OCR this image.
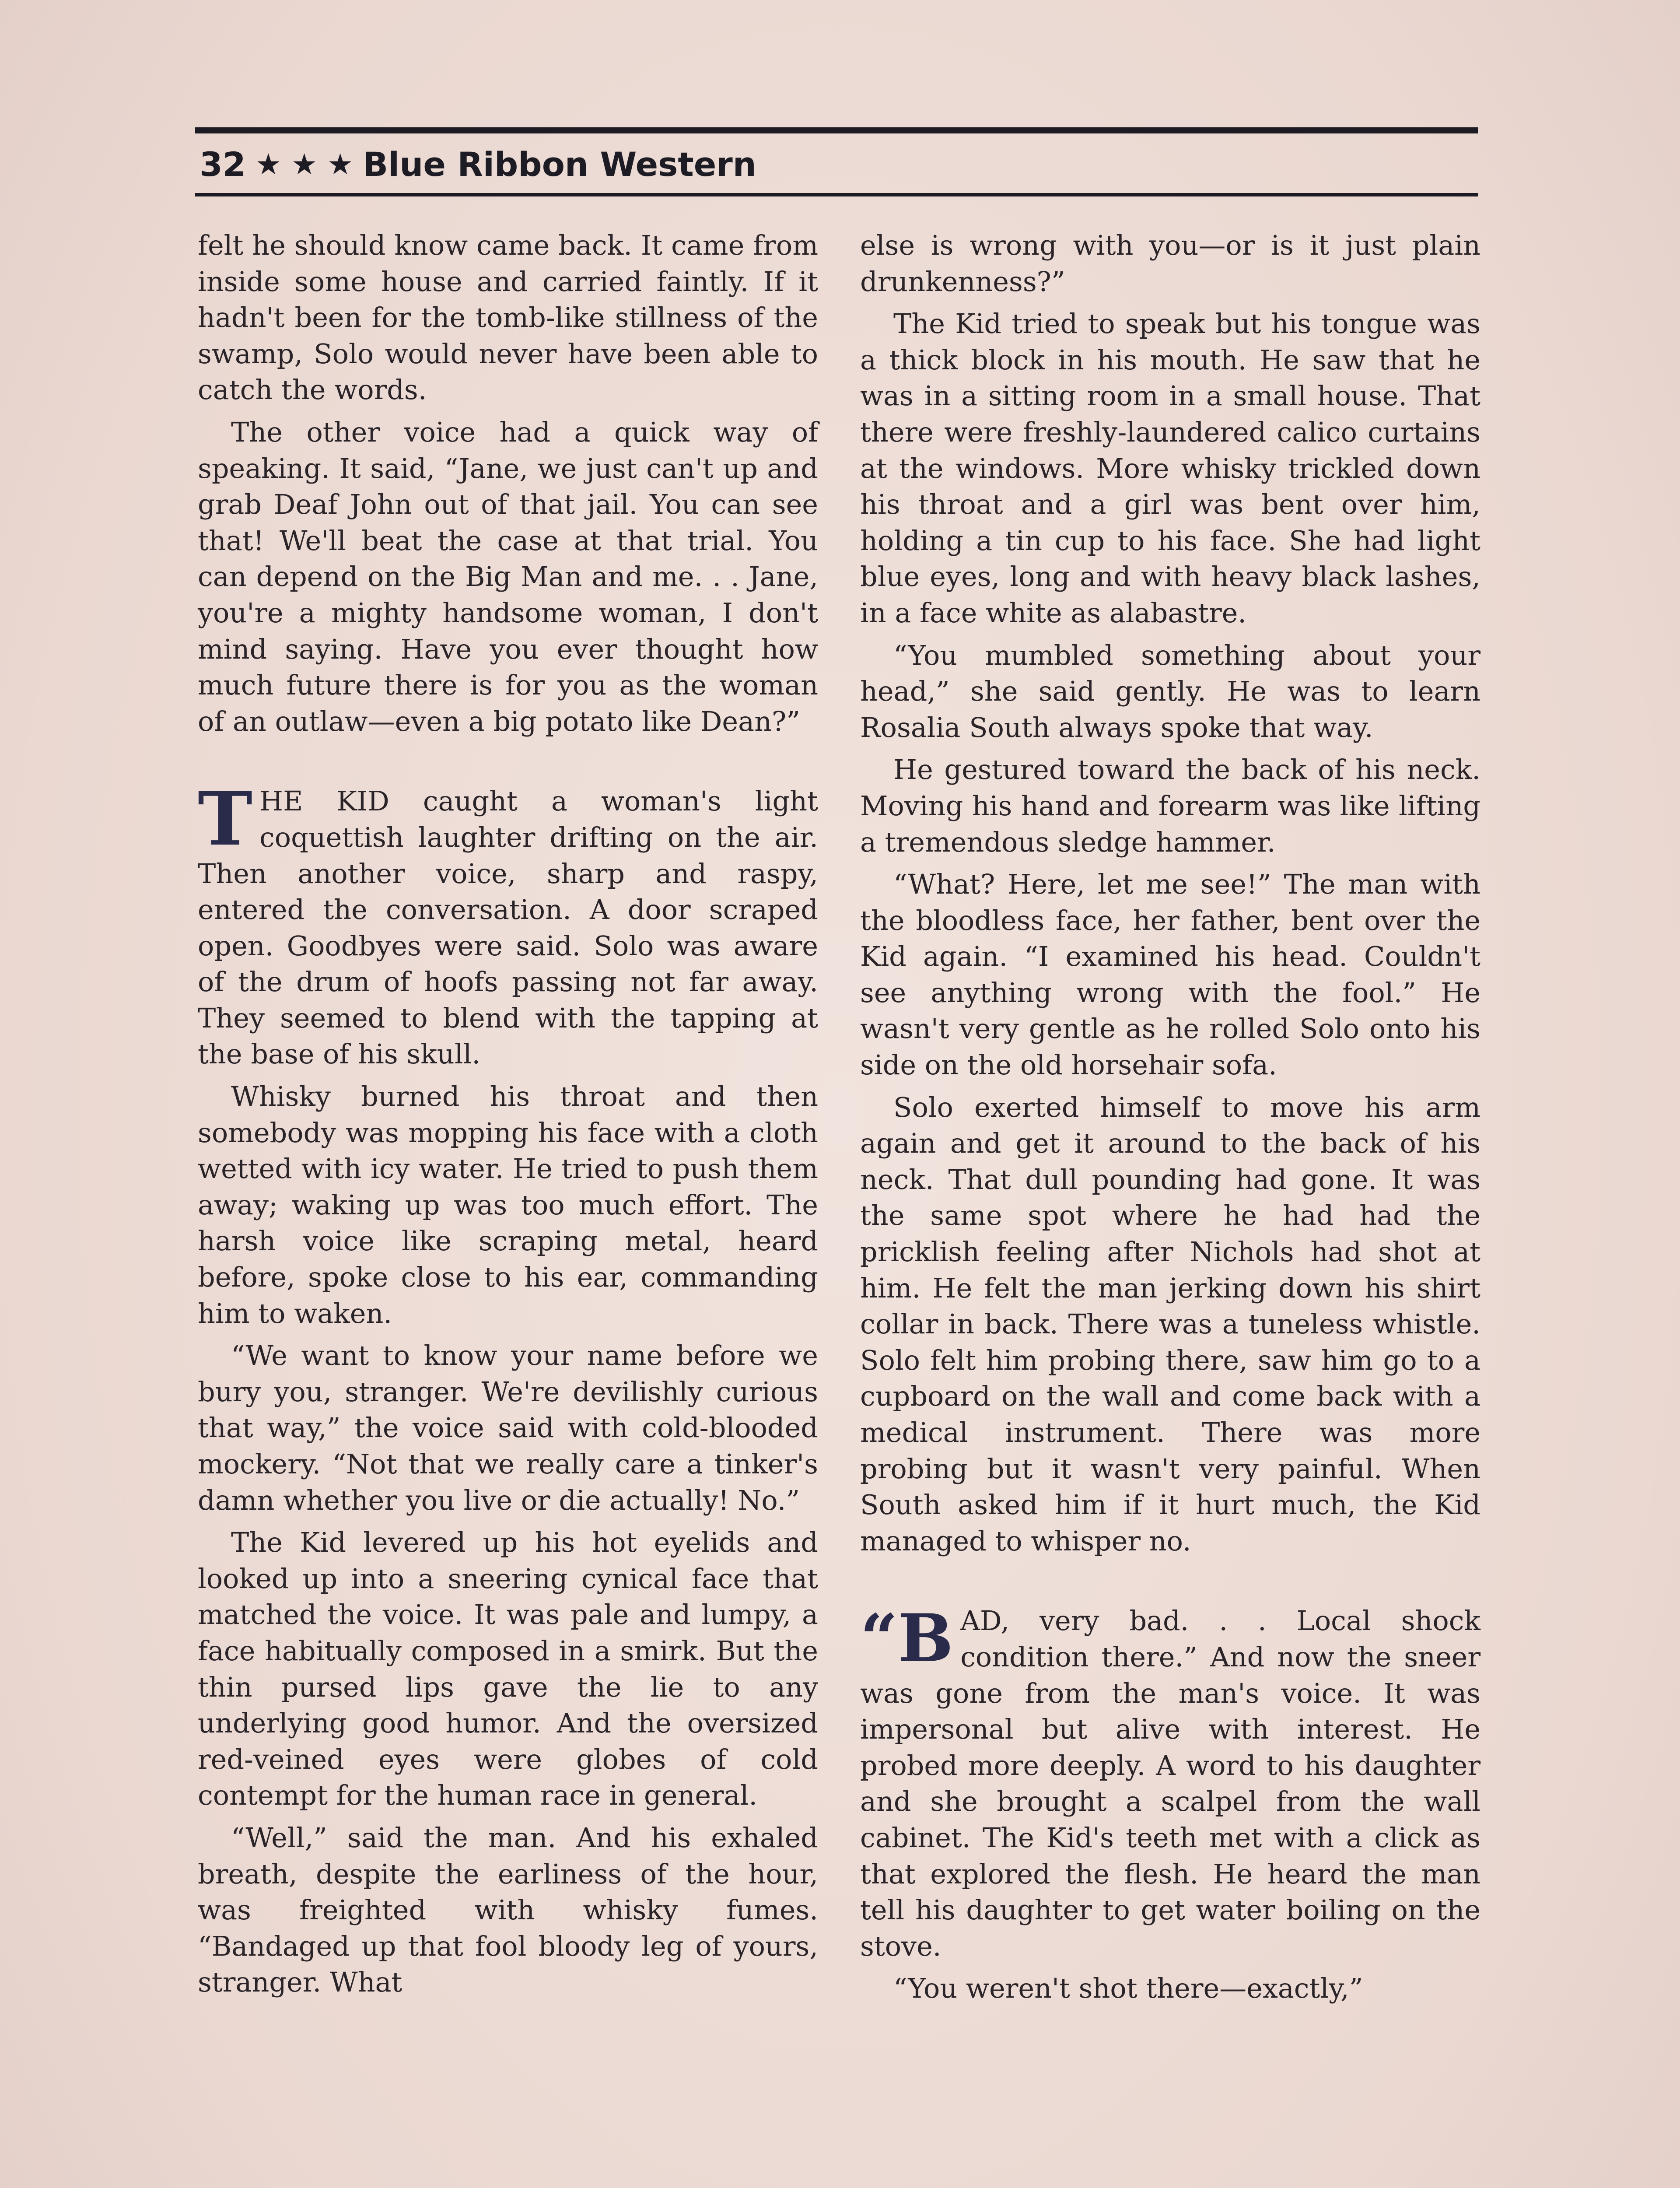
32 ★ ★ ★ Blue Ribbon Western

felt he should know came back. It came from inside some house and carried faintly. If it hadn't been for the tomb-like stillness of the swamp, Solo would never have been able to catch the words.

The other voice had a quick way of speaking. It said, “Jane, we just can't up and grab Deaf John out of that jail. You can see that! We'll beat the case at that trial. You can depend on the Big Man and me. . . Jane, you're a mighty handsome woman, I don't mind saying. Have you ever thought how much future there is for you as the woman of an outlaw—even a big potato like Dean?”

THE KID caught a woman's light coquettish laughter drifting on the air. Then another voice, sharp and raspy, entered the conversation. A door scraped open. Goodbyes were said. Solo was aware of the drum of hoofs passing not far away. They seemed to blend with the tapping at the base of his skull.

Whisky burned his throat and then somebody was mopping his face with a cloth wetted with icy water. He tried to push them away; waking up was too much effort. The harsh voice like scraping metal, heard before, spoke close to his ear, commanding him to waken.

“We want to know your name before we bury you, stranger. We're devilishly curious that way,” the voice said with cold-blooded mockery. “Not that we really care a tinker's damn whether you live or die actually! No.”

The Kid levered up his hot eyelids and looked up into a sneering cynical face that matched the voice. It was pale and lumpy, a face habitually composed in a smirk. But the thin pursed lips gave the lie to any underlying good humor. And the oversized red-veined eyes were globes of cold contempt for the human race in general.

“Well,” said the man. And his exhaled breath, despite the earliness of the hour, was freighted with whisky fumes. “Bandaged up that fool bloody leg of yours, stranger. What

else is wrong with you—or is it just plain drunkenness?”

The Kid tried to speak but his tongue was a thick block in his mouth. He saw that he was in a sitting room in a small house. That there were freshly-laundered calico curtains at the windows. More whisky trickled down his throat and a girl was bent over him, holding a tin cup to his face. She had light blue eyes, long and with heavy black lashes, in a face white as alabastre.

“You mumbled something about your head,” she said gently. He was to learn Rosalia South always spoke that way.

He gestured toward the back of his neck. Moving his hand and forearm was like lifting a tremendous sledge hammer.

“What? Here, let me see!” The man with the bloodless face, her father, bent over the Kid again. “I examined his head. Couldn't see anything wrong with the fool.” He wasn't very gentle as he rolled Solo onto his side on the old horsehair sofa.

Solo exerted himself to move his arm again and get it around to the back of his neck. That dull pounding had gone. It was the same spot where he had had the pricklish feeling after Nichols had shot at him. He felt the man jerking down his shirt collar in back. There was a tuneless whistle. Solo felt him probing there, saw him go to a cupboard on the wall and come back with a medical instrument. There was more probing but it wasn't very painful. When South asked him if it hurt much, the Kid managed to whisper no.

“BAD, very bad. . . Local shock condition there.” And now the sneer was gone from the man's voice. It was impersonal but alive with interest. He probed more deeply. A word to his daughter and she brought a scalpel from the wall cabinet. The Kid's teeth met with a click as that explored the flesh. He heard the man tell his daughter to get water boiling on the stove.

“You weren't shot there—exactly,”
